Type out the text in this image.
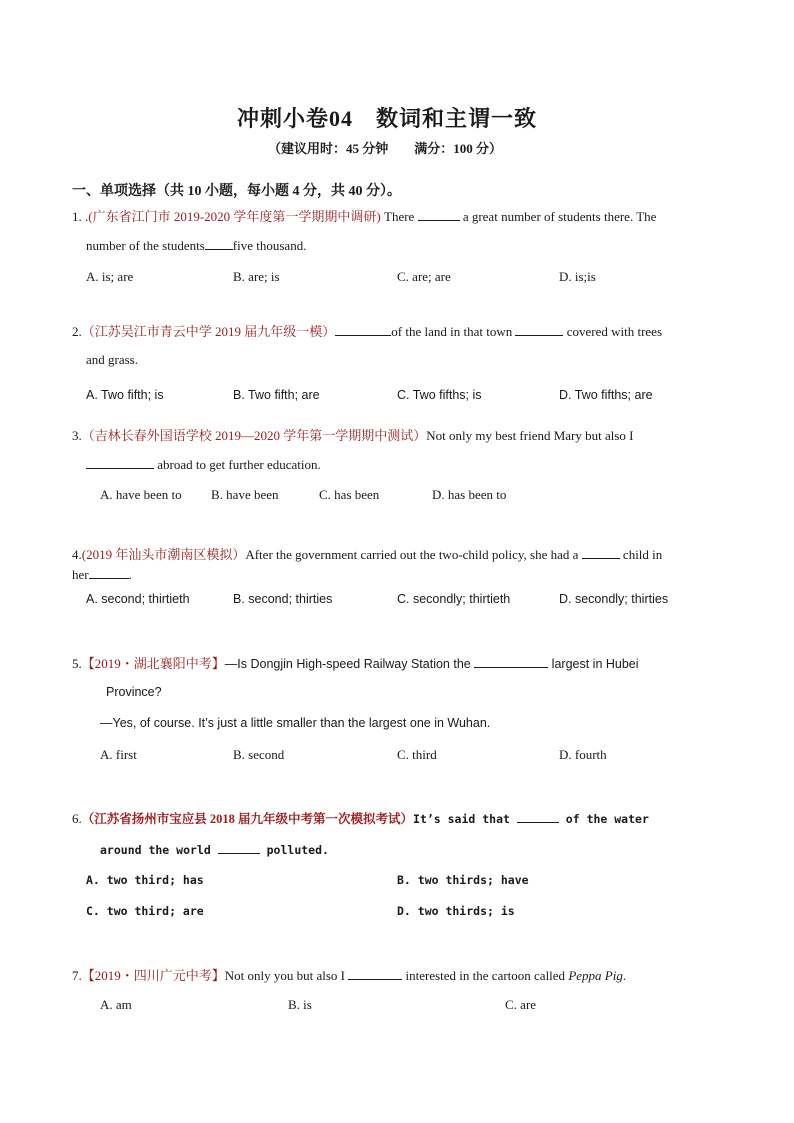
冲刺小卷04　数词和主谓一致
（建议用时：45 分钟　　满分：100 分）
一、单项选择（共 10 小题，每小题 4 分，共 40 分）。
1. .(广东省江门市 2019-2020 学年度第一学期期中调研) There	a great number of students there. The
number of the students five thousand.
A. is; are	B. are; is	C. are; are	D. is;is
2.（江苏吴江市青云中学 2019 届九年级一模）	of the land in that town	covered with trees
and grass.
A. Two fifth; is	B. Two fifth; are	C. Two fifths; is	D. Two fifths; are
3.（吉林长春外国语学校 2019—2020 学年第一学期期中测试）Not only my best friend Mary but also I
abroad to get further education.
A. have been to B. have been	C. has been	D. has been to
4.(2019 年汕头市潮南区模拟）After the government carried out the two-child policy, she had a	child in
her	.
A. second; thirtieth	B. second; thirties	C. secondly; thirtieth	D. secondly; thirties
5.【2019・湖北襄阳中考】—Is Dongjin High-speed Railway Station the	largest in Hubei
Province?
—Yes, of course. It’s just a little smaller than the largest one in Wuhan.
A. first	B. second	C. third	D. fourth
6.（江苏省扬州市宝应县 2018 届九年级中考第一次模拟考试）It’s said that	of the water
around the world	polluted.
A. two third; has	B. two thirds; have
C. two third; are	D. two thirds; is
7.【2019・四川广元中考】Not only you but also I	interested in the cartoon called Peppa Pig.
A. am	B. is	C. are
